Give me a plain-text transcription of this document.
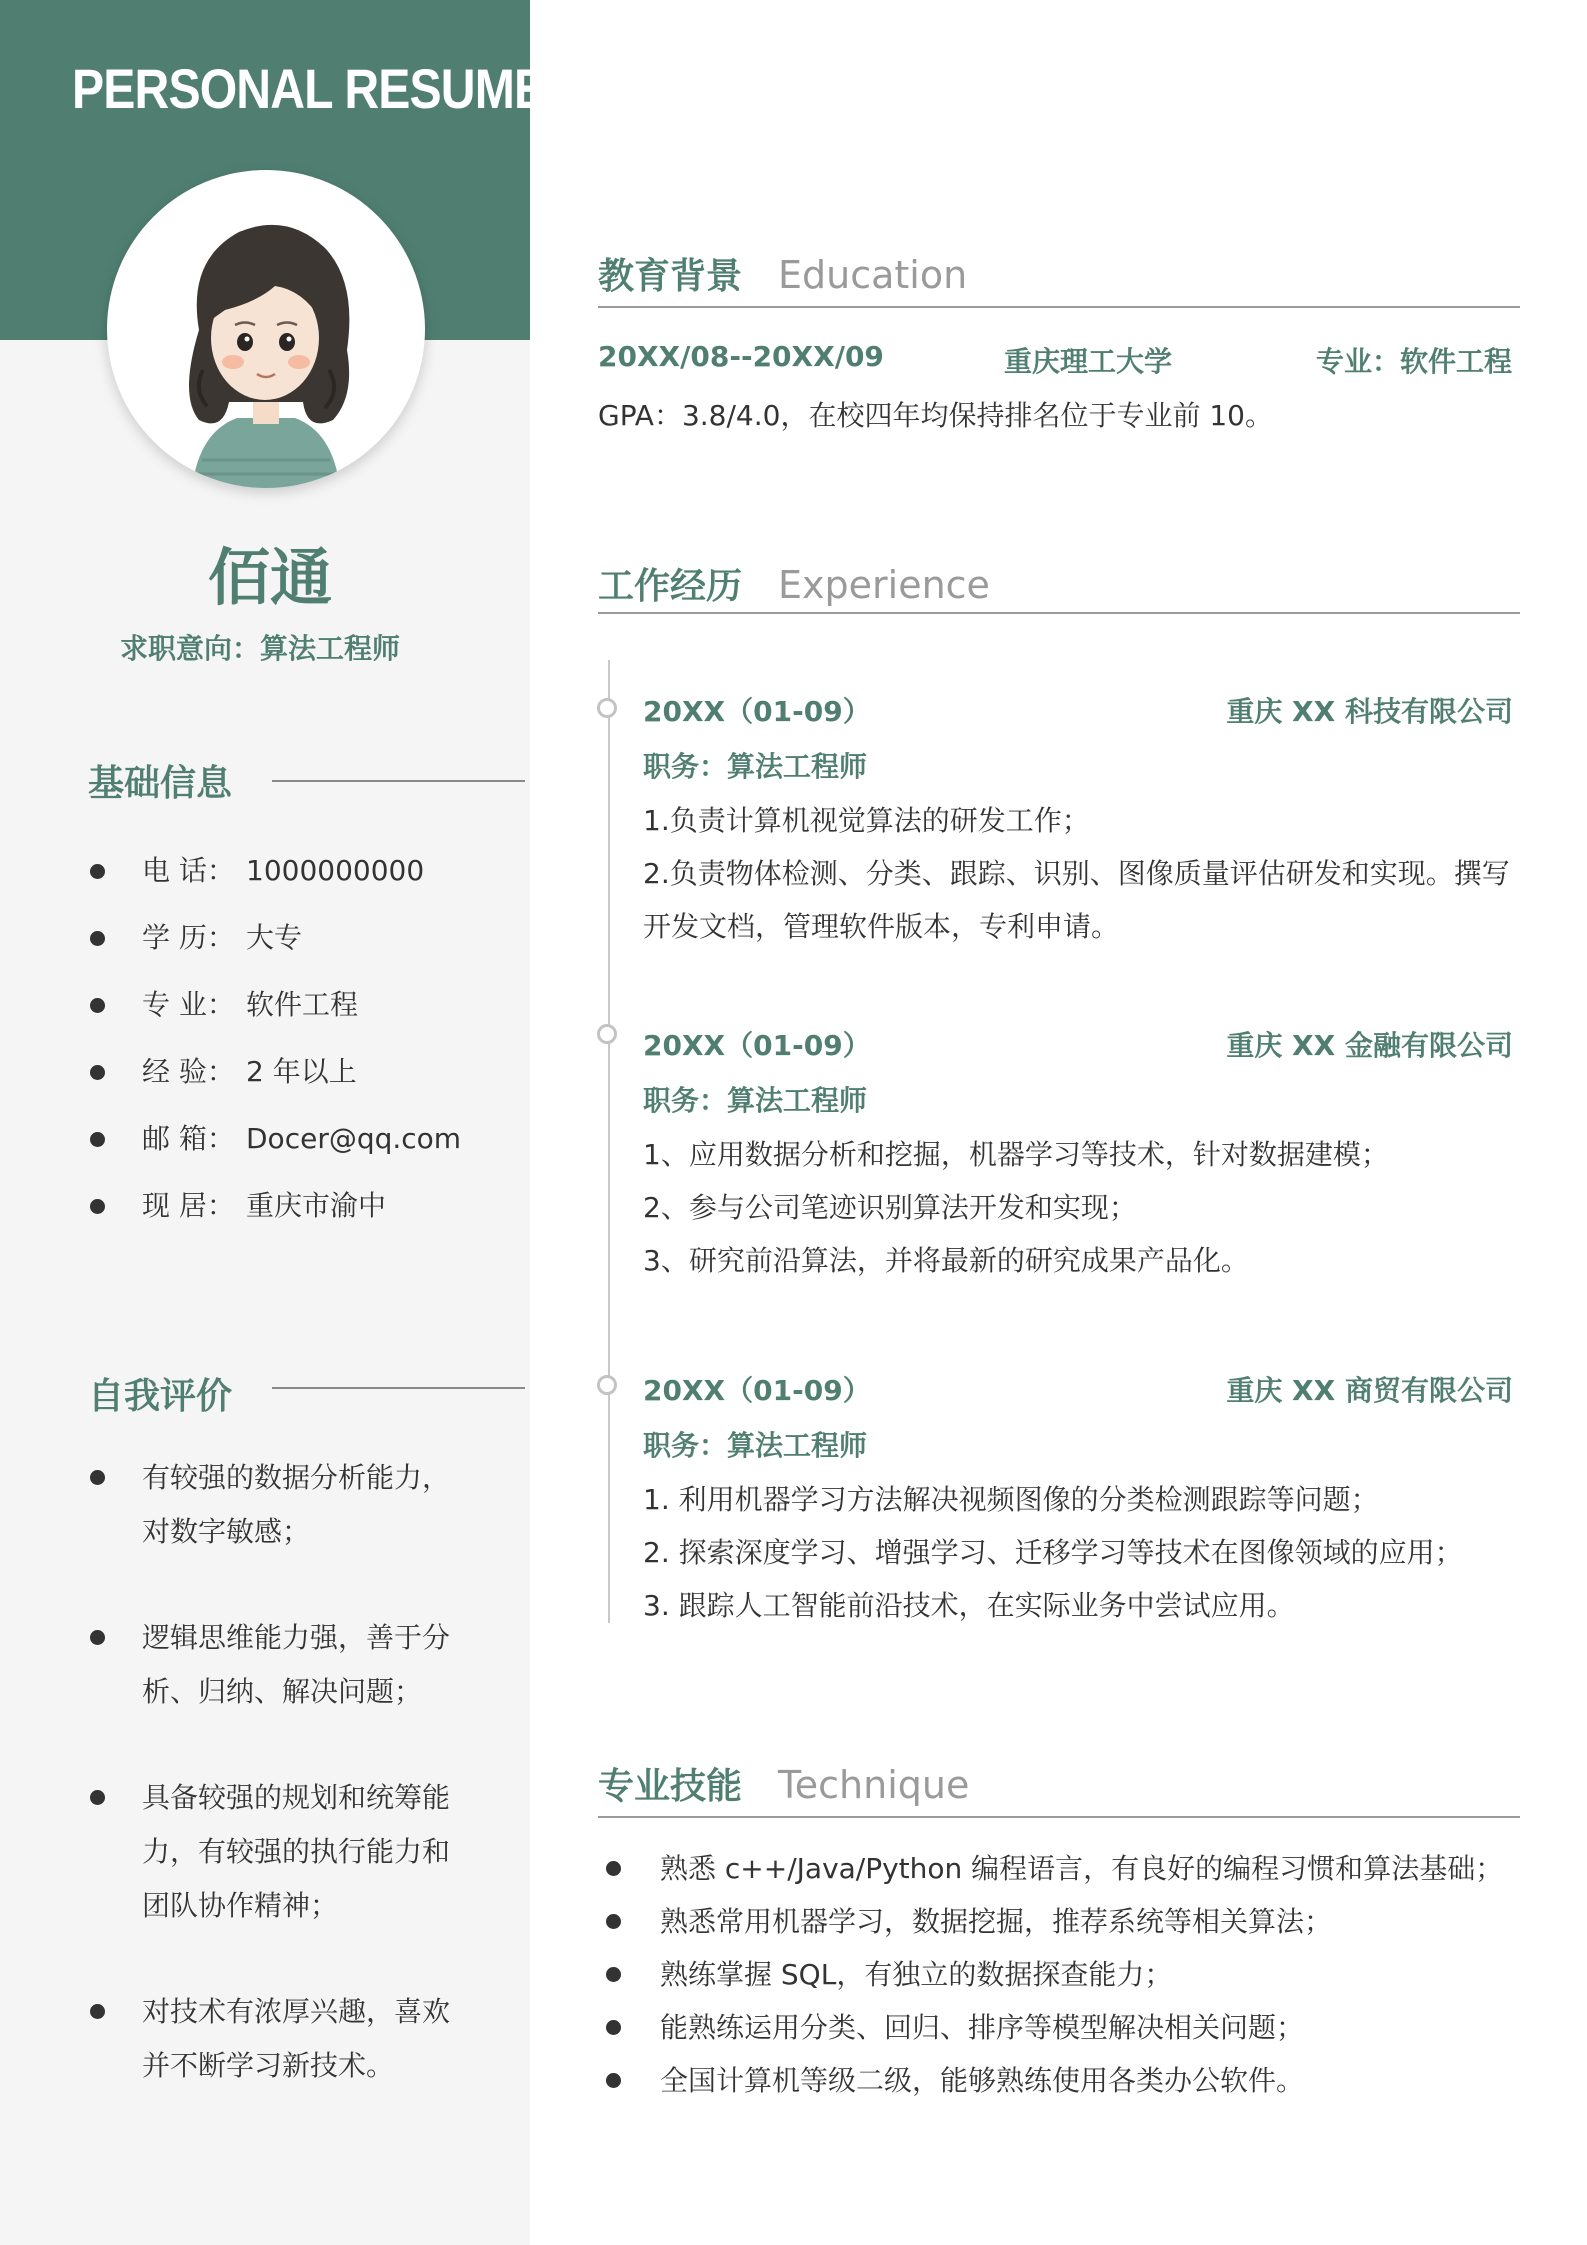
PERSONAL RESUME
佰通
求职意向：算法工程师
基础信息
电 话： 1000000000
学 历： 大专
专 业： 软件工程
经 验： 2 年以上
邮 箱： Docer@qq.com
现 居： 重庆市渝中
自我评价
有较强的数据分析能力，对数字敏感；
逻辑思维能力强，善于分析、归纳、解决问题；
具备较强的规划和统筹能力，有较强的执行能力和团队协作精神；
对技术有浓厚兴趣，喜欢并不断学习新技术。
教育背景 Education
20XX/08--20XX/09	重庆理工大学	专业：软件工程
GPA：3.8/4.0，在校四年均保持排名位于专业前 10。
工作经历 Experience
20XX（01-09）	重庆 XX 科技有限公司
职务：算法工程师
1.负责计算机视觉算法的研发工作；
2.负责物体检测、分类、跟踪、识别、图像质量评估研发和实现。撰写开发文档，管理软件版本，专利申请。
20XX（01-09）	重庆 XX 金融有限公司
职务：算法工程师
1、应用数据分析和挖掘，机器学习等技术，针对数据建模；
2、参与公司笔迹识别算法开发和实现；
3、研究前沿算法，并将最新的研究成果产品化。
20XX（01-09）	重庆 XX 商贸有限公司
职务：算法工程师
1. 利用机器学习方法解决视频图像的分类检测跟踪等问题；
2. 探索深度学习、增强学习、迁移学习等技术在图像领域的应用；
3. 跟踪人工智能前沿技术，在实际业务中尝试应用。
专业技能 Technique
熟悉 c++/Java/Python 编程语言，有良好的编程习惯和算法基础；
熟悉常用机器学习，数据挖掘，推荐系统等相关算法；
熟练掌握 SQL，有独立的数据探查能力；
能熟练运用分类、回归、排序等模型解决相关问题；
全国计算机等级二级，能够熟练使用各类办公软件。
